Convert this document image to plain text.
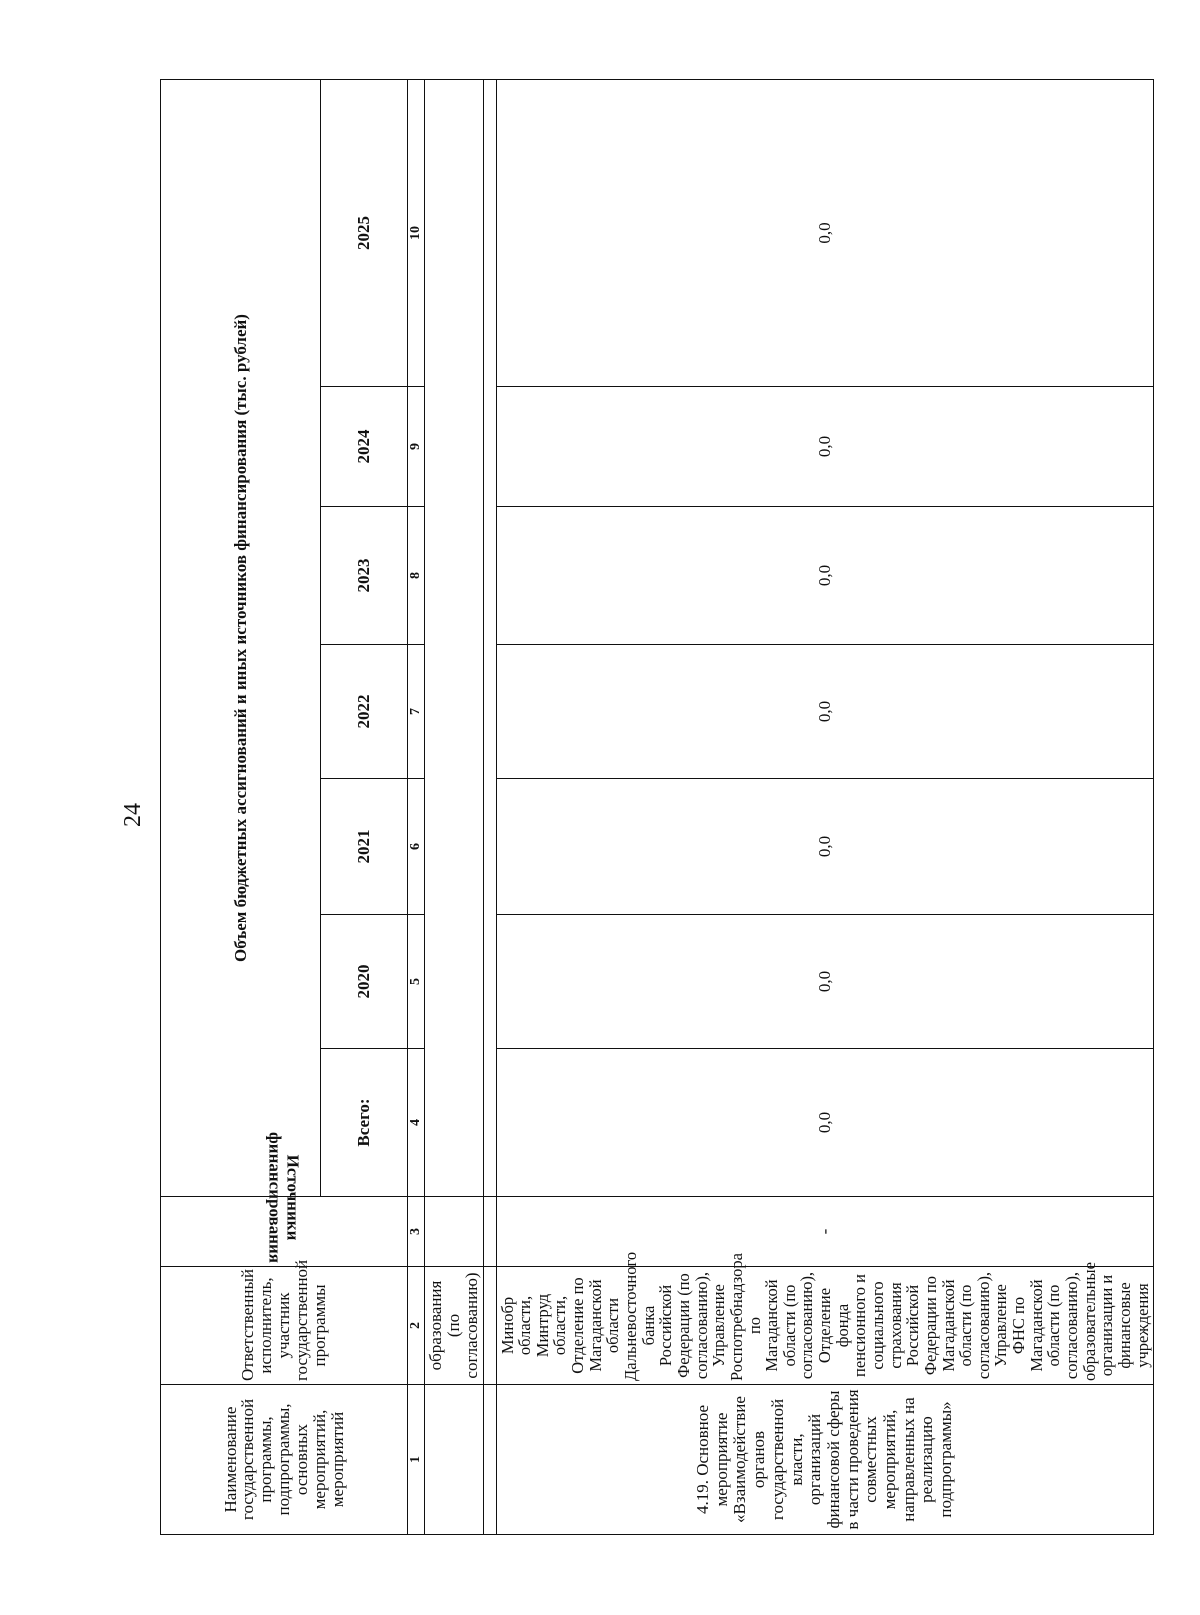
24
Наименование государственной программы, подпрограммы, основных мероприятий, мероприятий	Ответственный исполнитель, участник государственной программы	Источники финансирования	Объем бюджетных ассигнований и иных источников финансирования (тыс. рублей)						
			Всего:	2020	2021	2022	2023	2024	2025
1	2	3	4	5	6	7	8	9	10
	образования (по согласованию)								

4.19. Основное мероприятие «Взаимодействие органов государственной власти, организаций финансовой сферы в части проведения совместных мероприятий, направленных на реализацию подпрограммы»	Минобр области, Минтруд области, Отделение по Магаданской области Дальневосточного банка Российской Федерации (по согласованию), Управление Роспотребнадзора по Магаданской области (по согласованию), Отделение фонда пенсионного и социального страхования Российской Федерации по Магаданской области (по согласованию), Управление ФНС по Магаданской области (по согласованию), образовательные организации и финансовые учреждения	-	0,0	0,0	0,0	0,0	0,0	0,0	0,0
